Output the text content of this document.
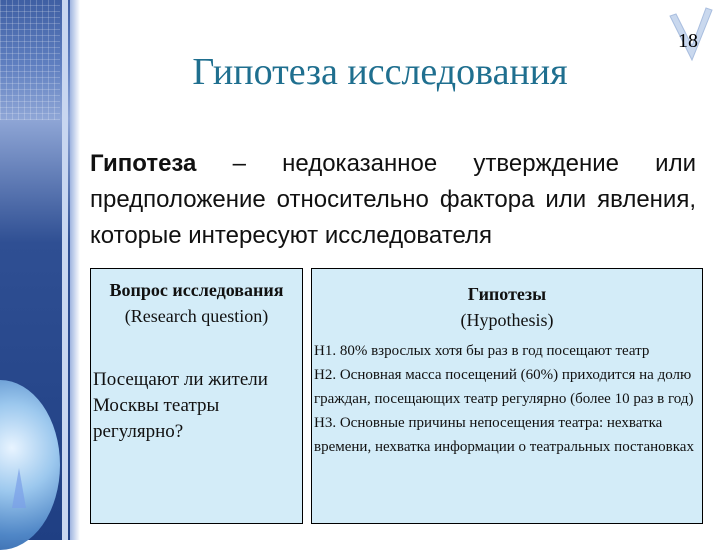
18
Гипотеза исследования
Гипотеза – недоказанное утверждение или предположение относительно фактора или явления, которые интересуют исследователя
Вопрос исследования
(Research question)
Посещают ли жители Москвы театры регулярно?
Гипотезы
(Hypothesis)
Н1. 80% взрослых хотя бы раз в год посещают театр
Н2. Основная масса посещений (60%) приходится на долю граждан, посещающих театр регулярно (более 10 раз в год)
Н3. Основные причины непосещения театра: нехватка времени, нехватка информации о театральных постановках
